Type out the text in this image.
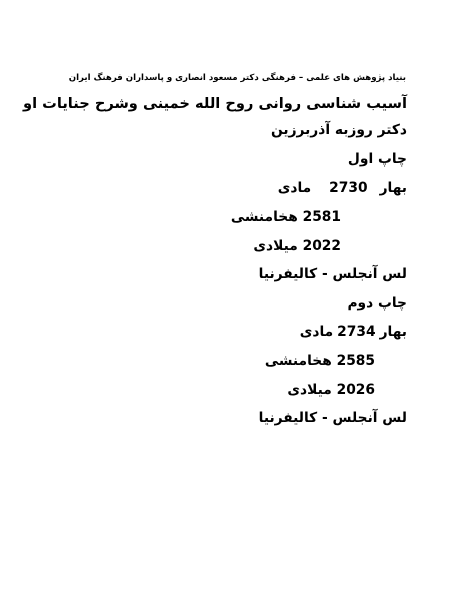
بنیاد پژوهش های علمی – فرهنگی دکتر مسعود انصاری و پاسداران فرهنگ ایران
آسیب شناسی روانی روح الله خمینی وشرح جنایات او
دکتر روزبه آذربرزین
چاپ اول
بهار2730مادی
2581 هخامنشی
2022 میلادی
لس آنجلس - کالیفرنیا
چاپ دوم
بهار2734مادی
2585 هخامنشی
2026 میلادی
لس آنجلس - کالیفرنیا
